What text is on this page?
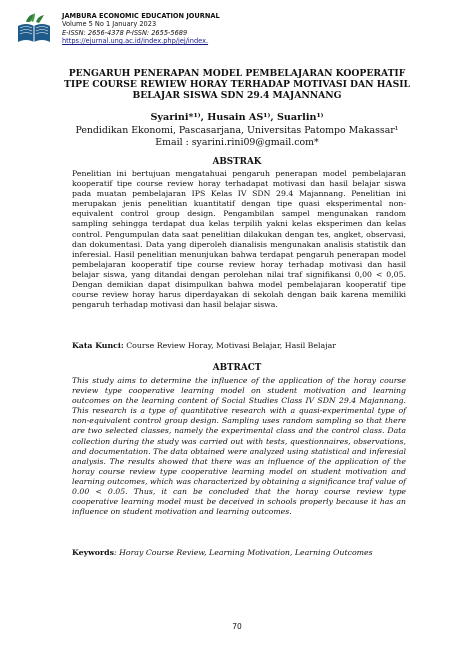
JAMBURA ECONOMIC EDUCATION JOURNAL
Volume 5 No 1 January 2023
E-ISSN: 2656-4378 P-ISSN: 2655-5689
https://ejurnal.ung.ac.id/index.php/jej/index.
PENGARUH PENERAPAN MODEL PEMBELAJARAN KOOPERATIF TIPE COURSE REWIEW HORAY TERHADAP MOTIVASI DAN HASIL BELAJAR SISWA SDN 29.4 MAJANNANG
Syarini*¹⁾, Husain AS¹⁾, Suarlin¹⁾
Pendidikan Ekonomi, Pascasarjana, Universitas Patompo Makassar¹
Email : syarini.rini09@gmail.com*
ABSTRAK
Penelitian ini bertujuan mengatahuai pengaruh penerapan model pembelajaran kooperatif tipe course review horay terhadapat motivasi dan hasil belajar siswa pada muatan pembelajaran IPS Kelas IV SDN 29.4 Majannang. Penelitian ini merupakan jenis penelitian kuantitatif dengan tipe quasi eksperimental non-equivalent control group design. Pengambilan sampel mengunakan random sampling sehingga terdapat dua kelas terpilih yakni kelas eksperimen dan kelas control. Pengumpulan data saat penelitian dilakukan dengan tes, angket, observasi, dan dokumentasi. Data yang diperoleh dianalisis mengunakan analisis statistik dan inferesial. Hasil penelitian menunjukan bahwa terdapat pengaruh penerapan model pembelajaran kooperatif tipe course review horay terhadap motivasi dan hasil belajar siswa, yang ditandai dengan perolehan nilai traf signifikansi 0,00 < 0,05. Dengan demikian dapat disimpulkan bahwa model pembelajaran kooperatif tipe course review horay harus diperdayakan di sekolah dengan baik karena memiliki pengaruh terhadap motivasi dan hasil belajar siswa.
Kata Kunci: Course Review Horay, Motivasi Belajar, Hasil Belajar
ABTRACT
This study aims to determine the influence of the application of the horay course review type cooperative learning model on student motivation and learning outcomes on the learning content of Social Studies Class IV SDN 29.4 Majannang. This research is a type of quantitative research with a quasi-experimental type of non-equivalent control group design. Sampling uses random sampling so that there are two selected classes, namely the experimental class and the control class. Data collection during the study was carried out with tests, questionnaires, observations, and documentation. The data obtained were analyzed using statistical and inferesial analysis. The results showed that there was an influence of the application of the horay course review type cooperative learning model on student motivation and learning outcomes, which was characterized by obtaining a significance traf value of 0.00 < 0.05. Thus, it can be concluded that the horay course review type cooperative learning model must be deceived in schools properly because it has an influence on student motivation and learning outcomes.
Keywords: Horay Course Review, Learning Motivation, Learning Outcomes
70
